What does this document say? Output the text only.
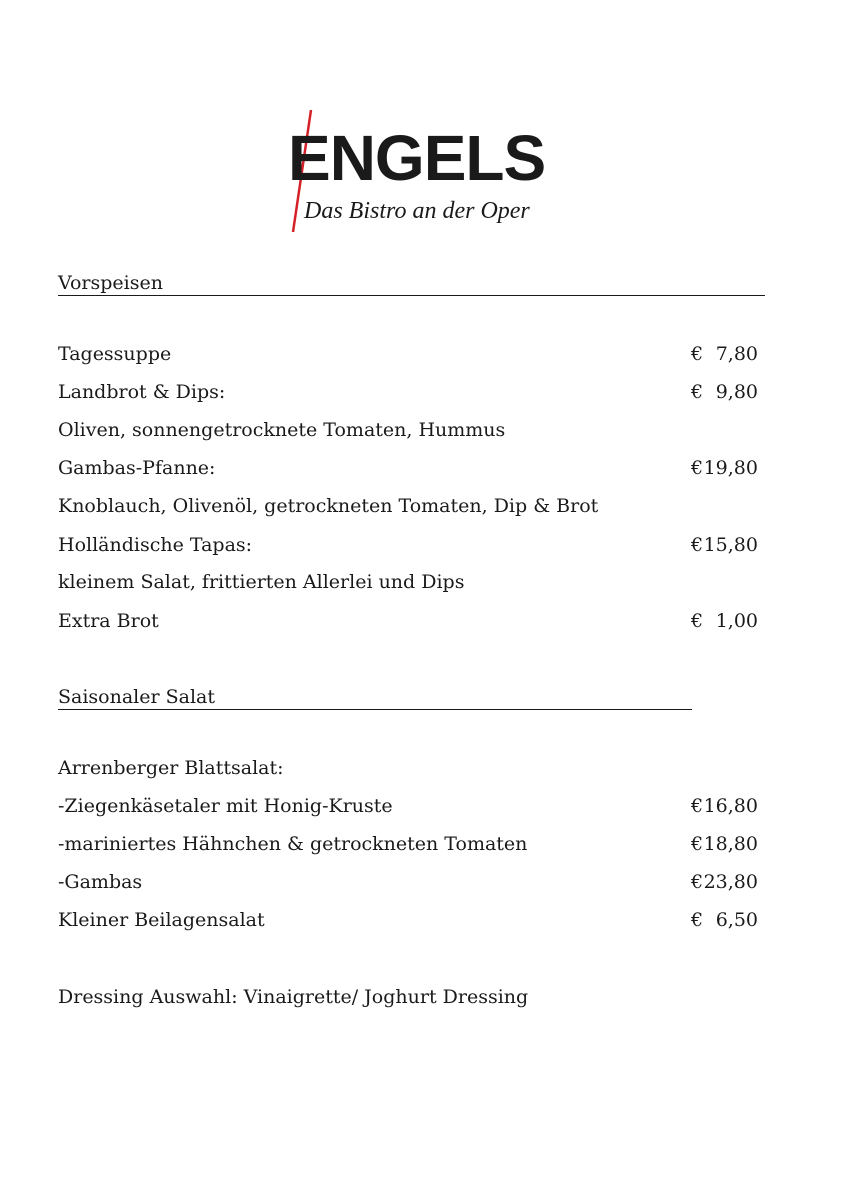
ENGELS
Das Bistro an der Oper
Vorspeisen
Tagessuppe	€ 7,80
Landbrot & Dips:	€ 9,80
Oliven, sonnengetrocknete Tomaten, Hummus
Gambas-Pfanne:	€ 19,80
Knoblauch, Olivenöl, getrockneten Tomaten, Dip & Brot
Holländische Tapas:	€ 15,80
kleinem Salat, frittierten Allerlei und Dips
Extra Brot	€ 1,00
Saisonaler Salat
Arrenberger Blattsalat:
-Ziegenkäsetaler mit Honig-Kruste	€ 16,80
-mariniertes Hähnchen & getrockneten Tomaten	€ 18,80
-Gambas	€ 23,80
Kleiner Beilagensalat	€ 6,50
Dressing Auswahl: Vinaigrette/ Joghurt Dressing
